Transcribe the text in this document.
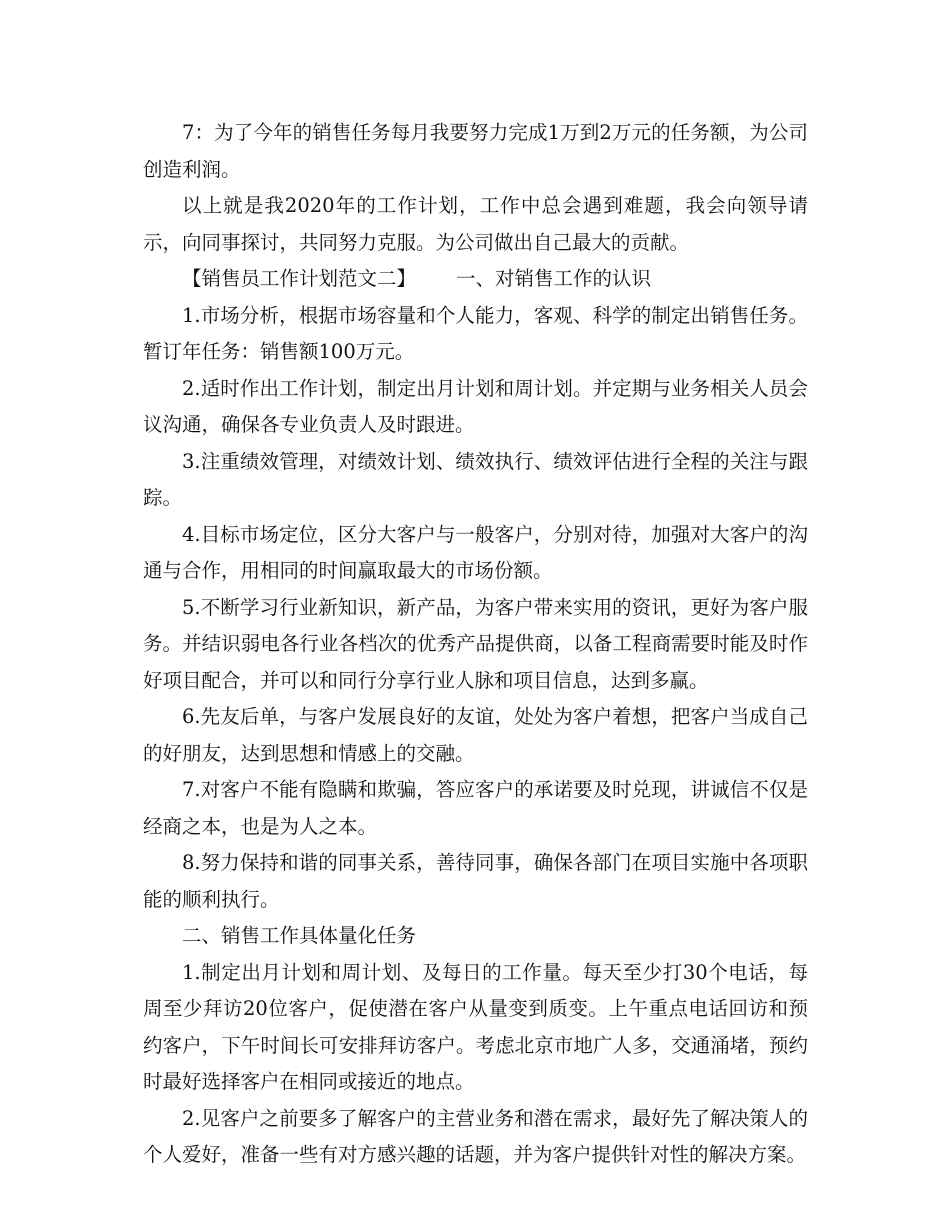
7：为了今年的销售任务每月我要努力完成1万到2万元的任务额，为公司创造利润。

以上就是我2020年的工作计划，工作中总会遇到难题，我会向领导请示，向同事探讨，共同努力克服。为公司做出自己最大的贡献。

【销售员工作计划范文二】 一、对销售工作的认识

1.市场分析，根据市场容量和个人能力，客观、科学的制定出销售任务。暂订年任务：销售额100万元。

2.适时作出工作计划，制定出月计划和周计划。并定期与业务相关人员会议沟通，确保各专业负责人及时跟进。

3.注重绩效管理，对绩效计划、绩效执行、绩效评估进行全程的关注与跟踪。

4.目标市场定位，区分大客户与一般客户，分别对待，加强对大客户的沟通与合作，用相同的时间赢取最大的市场份额。

5.不断学习行业新知识，新产品，为客户带来实用的资讯，更好为客户服务。并结识弱电各行业各档次的优秀产品提供商，以备工程商需要时能及时作好项目配合，并可以和同行分享行业人脉和项目信息，达到多赢。

6.先友后单，与客户发展良好的友谊，处处为客户着想，把客户当成自己的好朋友，达到思想和情感上的交融。

7.对客户不能有隐瞒和欺骗，答应客户的承诺要及时兑现，讲诚信不仅是经商之本，也是为人之本。

8.努力保持和谐的同事关系，善待同事，确保各部门在项目实施中各项职能的顺利执行。

二、销售工作具体量化任务

1.制定出月计划和周计划、及每日的工作量。每天至少打30个电话，每周至少拜访20位客户，促使潜在客户从量变到质变。上午重点电话回访和预约客户，下午时间长可安排拜访客户。考虑北京市地广人多，交通涌堵，预约时最好选择客户在相同或接近的地点。

2.见客户之前要多了解客户的主营业务和潜在需求，最好先了解决策人的个人爱好，准备一些有对方感兴趣的话题，并为客户提供针对性的解决方案。
